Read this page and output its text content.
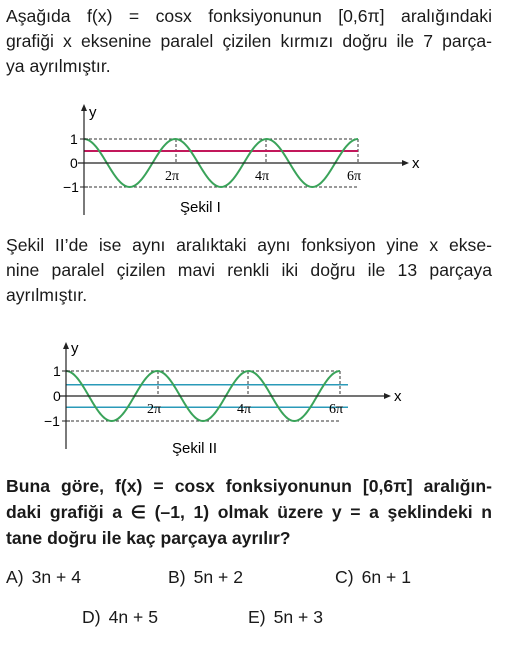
Aşağıda f(x) = cosx fonksiyonunun [0,6π] aralığındaki
grafiği x eksenine paralel çizilen kırmızı doğru ile 7 parça-
ya ayrılmıştır.
y
x
1
0
−1
2π	4π	6π
Şekil I
Şekil II’de ise aynı aralıktaki aynı fonksiyon yine x ekse-
nine paralel çizilen mavi renkli iki doğru ile 13 parçaya
ayrılmıştır.
y
x
1
0
−1
2π	4π	6π
Şekil II
Buna göre, f(x) = cosx fonksiyonunun [0,6π] aralığın-
daki grafiği a ∈ (–1, 1) olmak üzere y = a şeklindeki n
tane doğru ile kaç parçaya ayrılır?
A) 3n + 4	B) 5n + 2	C) 6n + 1
D) 4n + 5	E) 5n + 3
